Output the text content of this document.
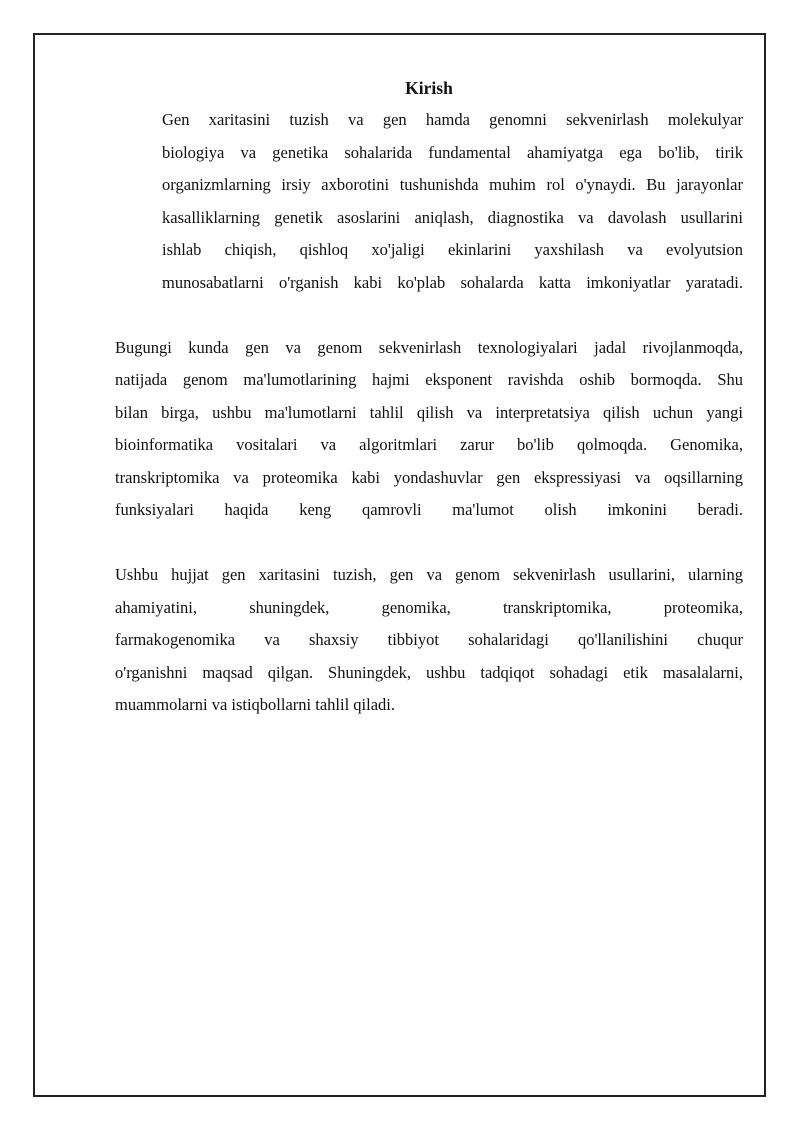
Kirish
Gen xaritasini tuzish va gen hamda genomni sekvenirlash molekulyar
biologiya va genetika sohalarida fundamental ahamiyatga ega bo'lib, tirik
organizmlarning irsiy axborotini tushunishda muhim rol o'ynaydi. Bu jarayonlar
kasalliklarning genetik asoslarini aniqlash, diagnostika va davolash usullarini
ishlab chiqish, qishloq xo'jaligi ekinlarini yaxshilash va evolyutsion
munosabatlarni o'rganish kabi ko'plab sohalarda katta imkoniyatlar yaratadi.
Bugungi kunda gen va genom sekvenirlash texnologiyalari jadal rivojlanmoqda,
natijada genom ma'lumotlarining hajmi eksponent ravishda oshib bormoqda. Shu
bilan birga, ushbu ma'lumotlarni tahlil qilish va interpretatsiya qilish uchun yangi
bioinformatika vositalari va algoritmlari zarur bo'lib qolmoqda. Genomika,
transkriptomika va proteomika kabi yondashuvlar gen ekspressiyasi va oqsillarning
funksiyalari haqida keng qamrovli ma'lumot olish imkonini beradi.
Ushbu hujjat gen xaritasini tuzish, gen va genom sekvenirlash usullarini, ularning
ahamiyatini, shuningdek, genomika, transkriptomika, proteomika,
farmakogenomika va shaxsiy tibbiyot sohalaridagi qo'llanilishini chuqur
o'rganishni maqsad qilgan. Shuningdek, ushbu tadqiqot sohadagi etik masalalarni,
muammolarni va istiqbollarni tahlil qiladi.
